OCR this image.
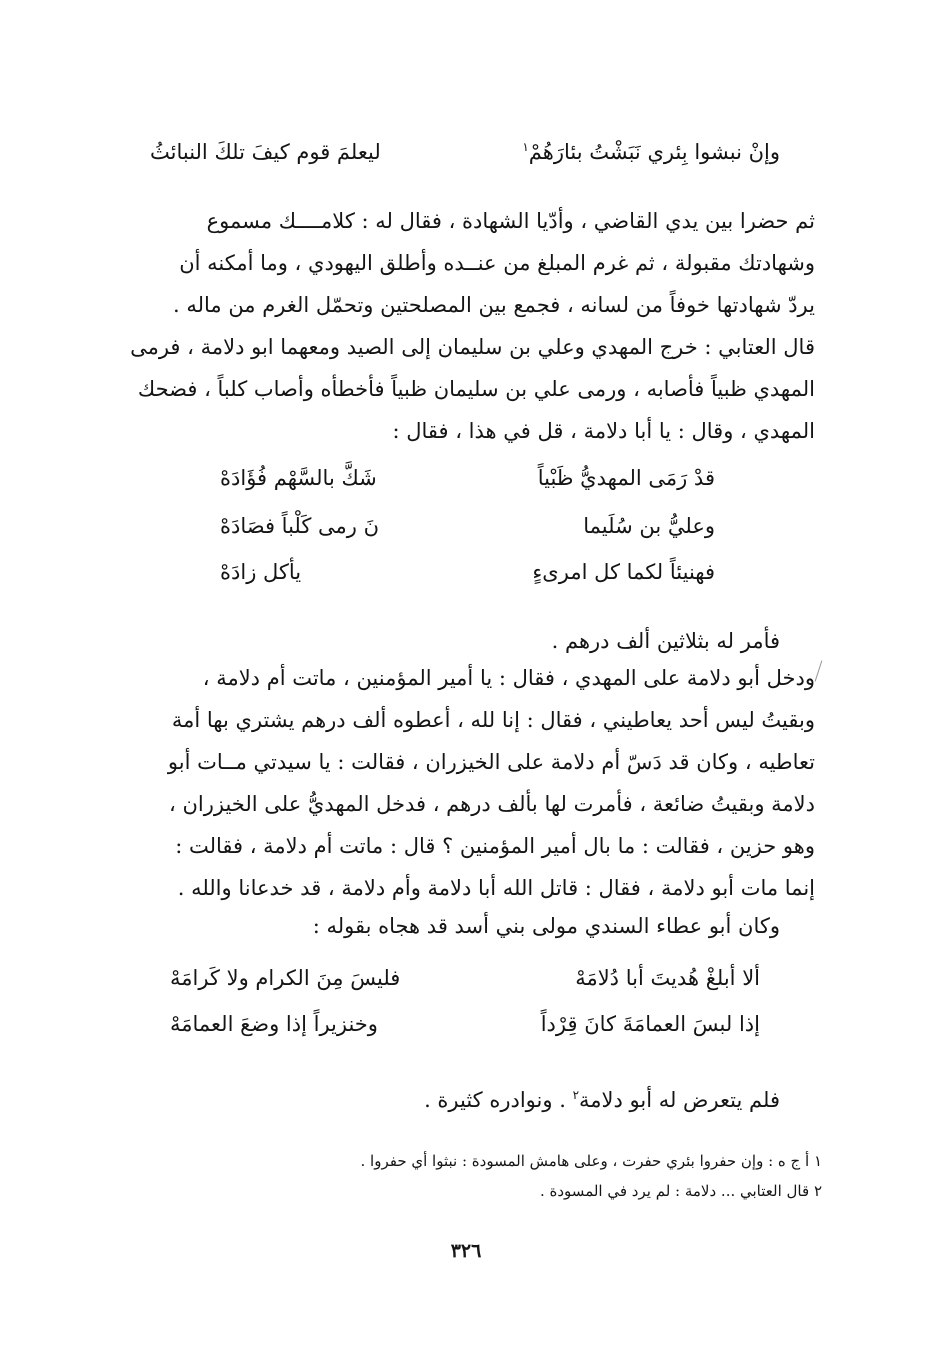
وإنْ نبشوا بِئري نَبَشْتُ بئارَهُمْ$^١$
ليعلمَ قوم كيفَ تلكَ النبائثُ
ثم حضرا بين يدي القاضي ، وأدّيا الشهادة ، فقال له : كلامــــك مسموع
وشهادتك مقبولة ، ثم غرم المبلغ من عنــده وأطلق اليهودي ، وما أمكنه أن
يردّ شهادتها خوفاً من لسانه ، فجمع بين المصلحتين وتحمّل الغرم من ماله .
قال العتابي : خرج المهدي وعلي بن سليمان إلى الصيد ومعهما ابو دلامة ، فرمى
المهدي ظبياً فأصابه ، ورمى علي بن سليمان ظبياً فأخطأه وأصاب كلباً ، فضحك
المهدي ، وقال : يا أبا دلامة ، قل في هذا ، فقال :
قدْ رَمَى المهديُّ ظَبْياً
شَكَّ بالسَّهْم فُؤَادَهْ
وعليُّ بن سُلَيما
نَ رمى كَلْباً فصَادَهْ
فهنيئاً لكما كل امرىءٍ
يأكل زادَهْ
فأمر له بثلاثين ألف درهم .
ودخل أبو دلامة على المهدي ، فقال : يا أمير المؤمنين ، ماتت أم دلامة ،
وبقيتُ ليس أحد يعاطيني ، فقال : إنا لله ، أعطوه ألف درهم يشتري بها أمة
تعاطيه ، وكان قد دَسّ أم دلامة على الخيزران ، فقالت : يا سيدتي مــات أبو
دلامة وبقيتُ ضائعة ، فأمرت لها بألف درهم ، فدخل المهديُّ على الخيزران ،
وهو حزين ، فقالت : ما بال أمير المؤمنين ؟ قال : ماتت أم دلامة ، فقالت :
إنما مات أبو دلامة ، فقال : قاتل الله أبا دلامة وأم دلامة ، قد خدعانا والله .
وكان أبو عطاء السندي مولى بني أسد قد هجاه بقوله :
ألا أبلغْ هُديتَ أبا دُلامَهْ
فليسَ مِنَ الكرام ولا كَرامَهْ
إذا لبسَ العمامَةَ كانَ قِرْداً
وخنزيراً إذا وضعَ العمامَهْ
فلم يتعرض له أبو دلامة$^٢$ . ونوادره كثيرة .
١ أ ج ه : وإن حفروا بئري حفرت ، وعلى هامش المسودة : نبثوا أي حفروا .
٢ قال العتابي ... دلامة : لم يرد في المسودة .
٣٢٦
